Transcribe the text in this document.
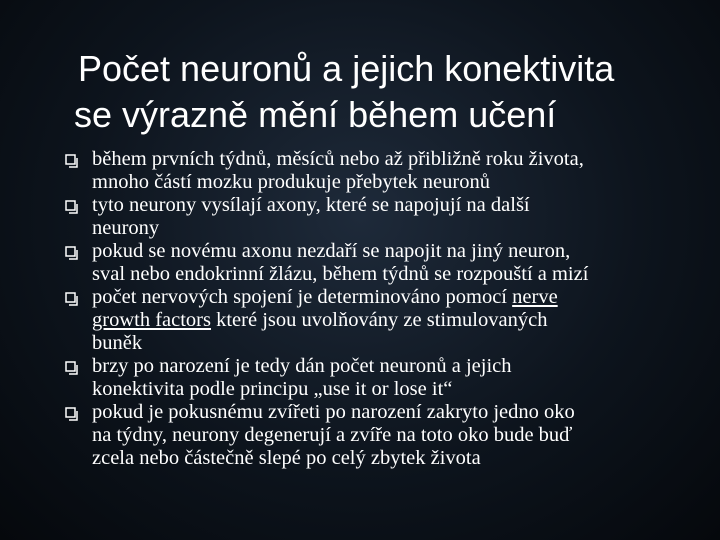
Počet neuronů a jejich konektivita
se výrazně mění během učení
během prvních týdnů, měsíců nebo až přibližně roku života,
mnoho částí mozku produkuje přebytek neuronů
tyto neurony vysílají axony, které se napojují na další
neurony
pokud se novému axonu nezdaří se napojit na jiný neuron,
sval nebo endokrinní žlázu, během týdnů se rozpouští a mizí
počet nervových spojení je determinováno pomocí nerve
growth factors které jsou uvolňovány ze stimulovaných
buněk
brzy po narození je tedy dán počet neuronů a jejich
konektivita podle principu „use it or lose it“
pokud je pokusnému zvířeti po narození zakryto jedno oko
na týdny, neurony degenerují a zvíře na toto oko bude buď
zcela nebo částečně slepé po celý zbytek života
